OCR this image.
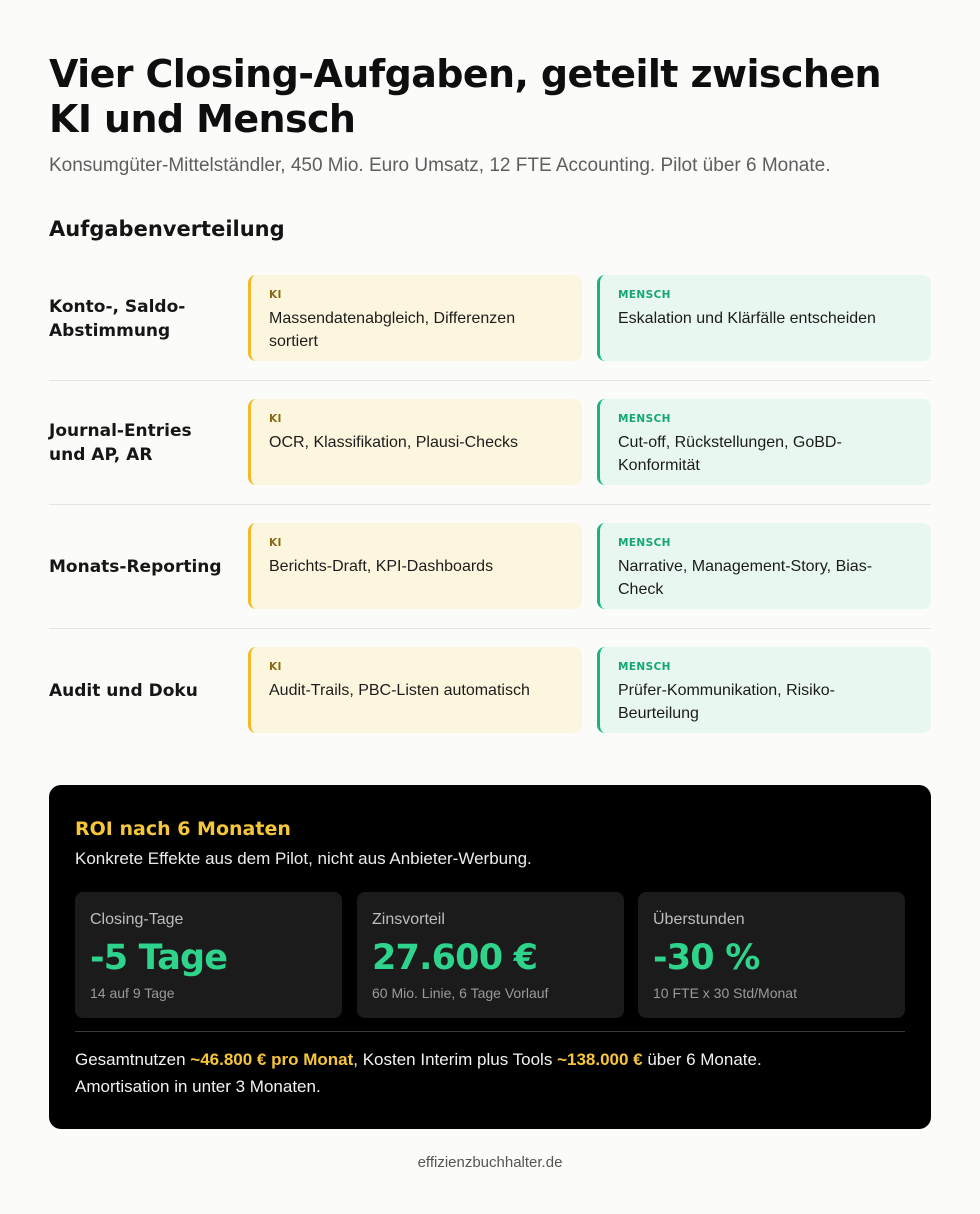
Vier Closing-Aufgaben, geteilt zwischen KI und Mensch

Konsumgüter-Mittelständler, 450 Mio. Euro Umsatz, 12 FTE Accounting. Pilot über 6 Monate.

Aufgabenverteilung
Konto-, Saldo-Abstimmung
KI
Massendatenabgleich, Differenzen sortiert
MENSCH
Eskalation und Klärfälle entscheiden
Journal-Entries und AP, AR
KI
OCR, Klassifikation, Plausi-Checks
MENSCH
Cut-off, Rückstellungen, GoBD-Konformität
Monats-Reporting
KI
Berichts-Draft, KPI-Dashboards
MENSCH
Narrative, Management-Story, Bias-Check
Audit und Doku
KI
Audit-Trails, PBC-Listen automatisch
MENSCH
Prüfer-Kommunikation, Risiko-Beurteilung
ROI nach 6 Monaten
Konkrete Effekte aus dem Pilot, nicht aus Anbieter-Werbung.
Closing-Tage
-5 Tage
14 auf 9 Tage
Zinsvorteil
27.600 €
60 Mio. Linie, 6 Tage Vorlauf
Überstunden
-30 %
10 FTE x 30 Std/Monat
Gesamtnutzen ~46.800 € pro Monat, Kosten Interim plus Tools ~138.000 € über 6 Monate.
Amortisation in unter 3 Monaten.
effizienzbuchhalter.de
